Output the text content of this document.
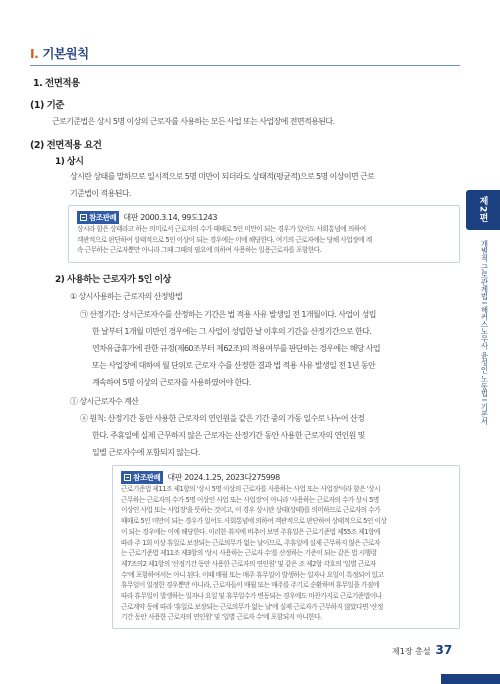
I. 기본원칙
1. 전면적용
(1) 기준
근로기준법은 상시 5명 이상의 근로자를 사용하는 모든 사업 또는 사업장에 전면적용된다.
(2) 전면적용 요건
1) 상시
상시란 상태를 말하므로 일시적으로 5명 미만이 되더라도 상태적(평균적)으로 5명 이상이면 근로
기준법이 적용된다.
참조판례 대판 2000.3.14, 99도1243
상시라 함은 상태라고 하는 의미로서 근로자의 수가 때때로 5인 미만이 되는 경우가 있어도 사회통념에 의하여
객관적으로 판단하여 상태적으로 5인 이상이 되는 경우에는 이에 해당한다. 여기의 근로자에는 당해 사업장에 계
속 근무하는 근로자뿐만 아니라 그때 그때의 필요에 의하여 사용하는 일용근로자를 포함한다.
2) 사용하는 근로자가 5인 이상
① 상시사용하는 근로자의 산정방법
㉠ 산정기간: 상시근로자수를 산정하는 기간은 법 적용 사유 발생일 전 1개월이다. 사업이 성립
한 날부터 1개월 미만인 경우에는 그 사업이 성립한 날 이후의 기간을 산정기간으로 한다.
연차유급휴가에 관한 규정(제60조부터 제62조)의 적용여부를 판단하는 경우에는 해당 사업
또는 사업장에 대하여 월 단위로 근로자 수를 산정한 결과 법 적용 사유 발생일 전 1년 동안
계속하여 5명 이상의 근로자를 사용하였어야 한다.
ⓛ 상시근로자수 계산
ⓐ 원칙: 산정기간 동안 사용한 근로자의 연인원을 같은 기간 중의 가동 일수로 나누어 산정
한다. 주휴일에 실제 근무하지 않은 근로자는 산정기간 동안 사용한 근로자의 연인원 및
일별 근로자수에 포함되지 않는다.
참조판례 대판 2024.1.25, 2023다275998
근로기준법 제11조 제1항의 '상시 5명 이상의 근로자를 사용하는 사업 또는 사업장'이라 함은 '상시
근무하는 근로자의 수가 5명 이상인 사업 또는 사업장'이 아니라 '사용하는 근로자의 수가 상시 5명
이상인 사업 또는 사업장'을 뜻하는 것이고, 이 경우 상시란 상태(상태)를 의미하므로 근로자의 수가
때때로 5인 미만이 되는 경우가 있어도 사회통념에 의하여 객관적으로 판단하여 상태적으로 5인 이상
이 되는 경우에는 이에 해당한다. 이러한 취지에 비추어 보면 주휴일은 근로기준법 제55조 제1항에
따라 주 1회 이상 휴일로 보장되는 근로의무가 없는 날이므로, 주휴일에 실제 근무하지 않은 근로자
는 근로기준법 제11조 제3항의 '상시 사용하는 근로자 수'를 산정하는 기준이 되는 같은 법 시행령
제7조의2 제1항의 '산정기간 동안 사용한 근로자의 연인원' 및 같은 조 제2항 각호의 '일별 근로자
수'에 포함하여서는 아니 된다. 이때 매월 또는 매주 휴무일이 발생하는 일자나 요일이 특정되어 있고
휴무일이 일정한 경우뿐만 아니라, 근로자들이 매월 또는 매주를 주기로 순환하며 휴무일을 가짐에
따라 휴무일이 발생하는 일자나 요일 및 휴무일수가 변동되는 경우에도 마찬가지로 근로기준법이나
근로계약 등에 따라 '휴일로 보장되는 근로의무가 없는 날'에 실제 근로자가 근무하지 않았다면 '산정
기간 동안 사용한 근로자의 연인원' 및 '일별 근로자 수'에 포함되지 아니한다.
제2편
개별적 근로관계법 I 해커스노무사 윤성인 노동법 I 기본서
제1장 총설 37
